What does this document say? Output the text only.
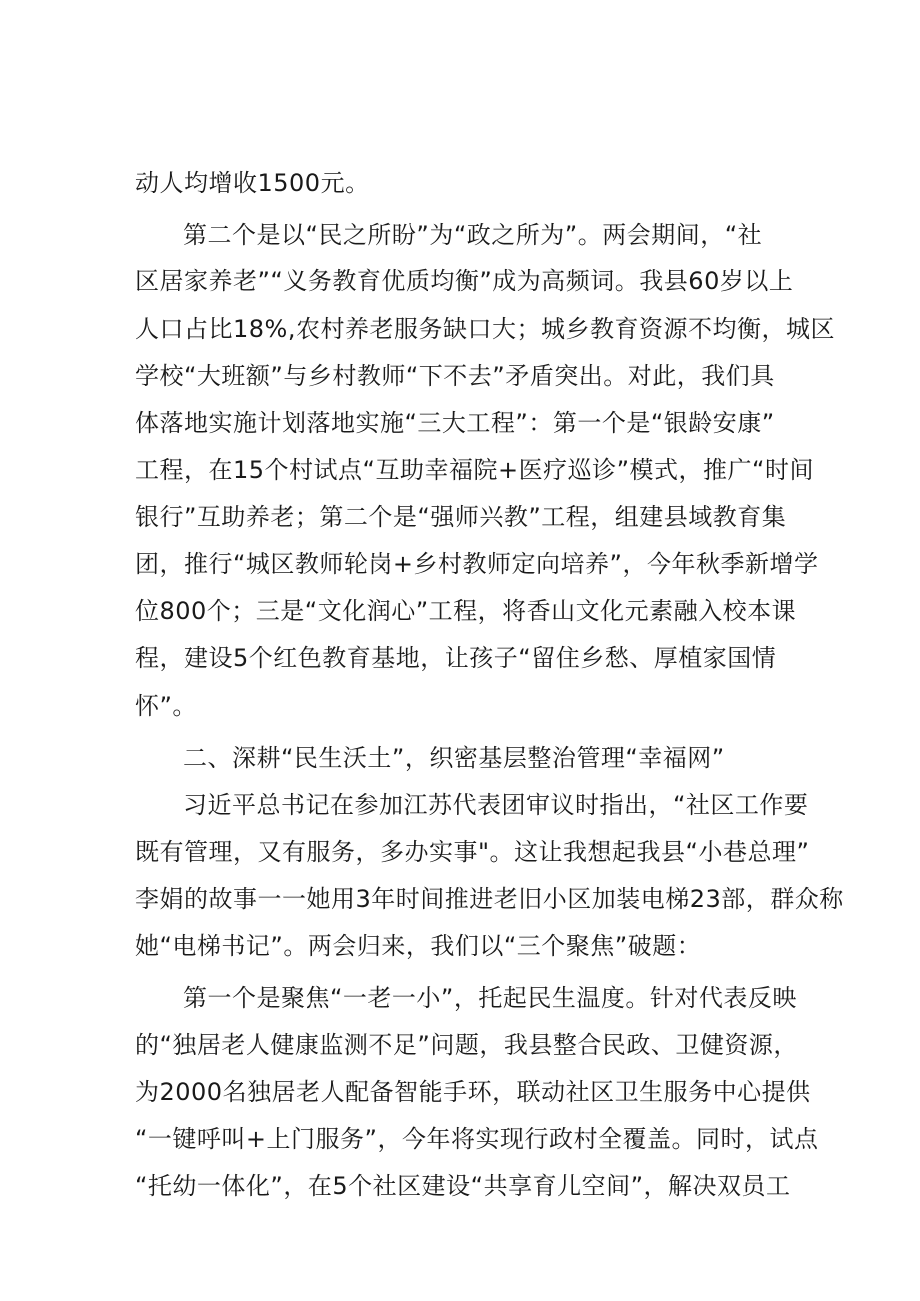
动人均增收1500元。
第二个是以“民之所盼”为“政之所为”。两会期间，“社
区居家养老”“义务教育优质均衡”成为高频词。我县60岁以上
人口占比18%,农村养老服务缺口大；城乡教育资源不均衡，城区
学校“大班额”与乡村教师“下不去”矛盾突出。对此，我们具
体落地实施计划落地实施“三大工程”：第一个是“银龄安康”
工程，在15个村试点“互助幸福院+医疗巡诊”模式，推广“时间
银行”互助养老；第二个是“强师兴教”工程，组建县域教育集
团，推行“城区教师轮岗+乡村教师定向培养”，今年秋季新增学
位800个；三是“文化润心”工程，将香山文化元素融入校本课
程，建设5个红色教育基地，让孩子“留住乡愁、厚植家国情
怀”。
二、深耕“民生沃土”，织密基层整治管理“幸福网”
习近平总书记在参加江苏代表团审议时指出，“社区工作要
既有管理，又有服务，多办实事"。这让我想起我县“小巷总理”
李娟的故事一一她用3年时间推进老旧小区加装电梯23部，群众称
她“电梯书记”。两会归来，我们以“三个聚焦”破题：
第一个是聚焦“一老一小”，托起民生温度。针对代表反映
的“独居老人健康监测不足”问题，我县整合民政、卫健资源，
为2000名独居老人配备智能手环，联动社区卫生服务中心提供
“一键呼叫+上门服务”，今年将实现行政村全覆盖。同时，试点
“托幼一体化”，在5个社区建设“共享育儿空间”，解决双员工
